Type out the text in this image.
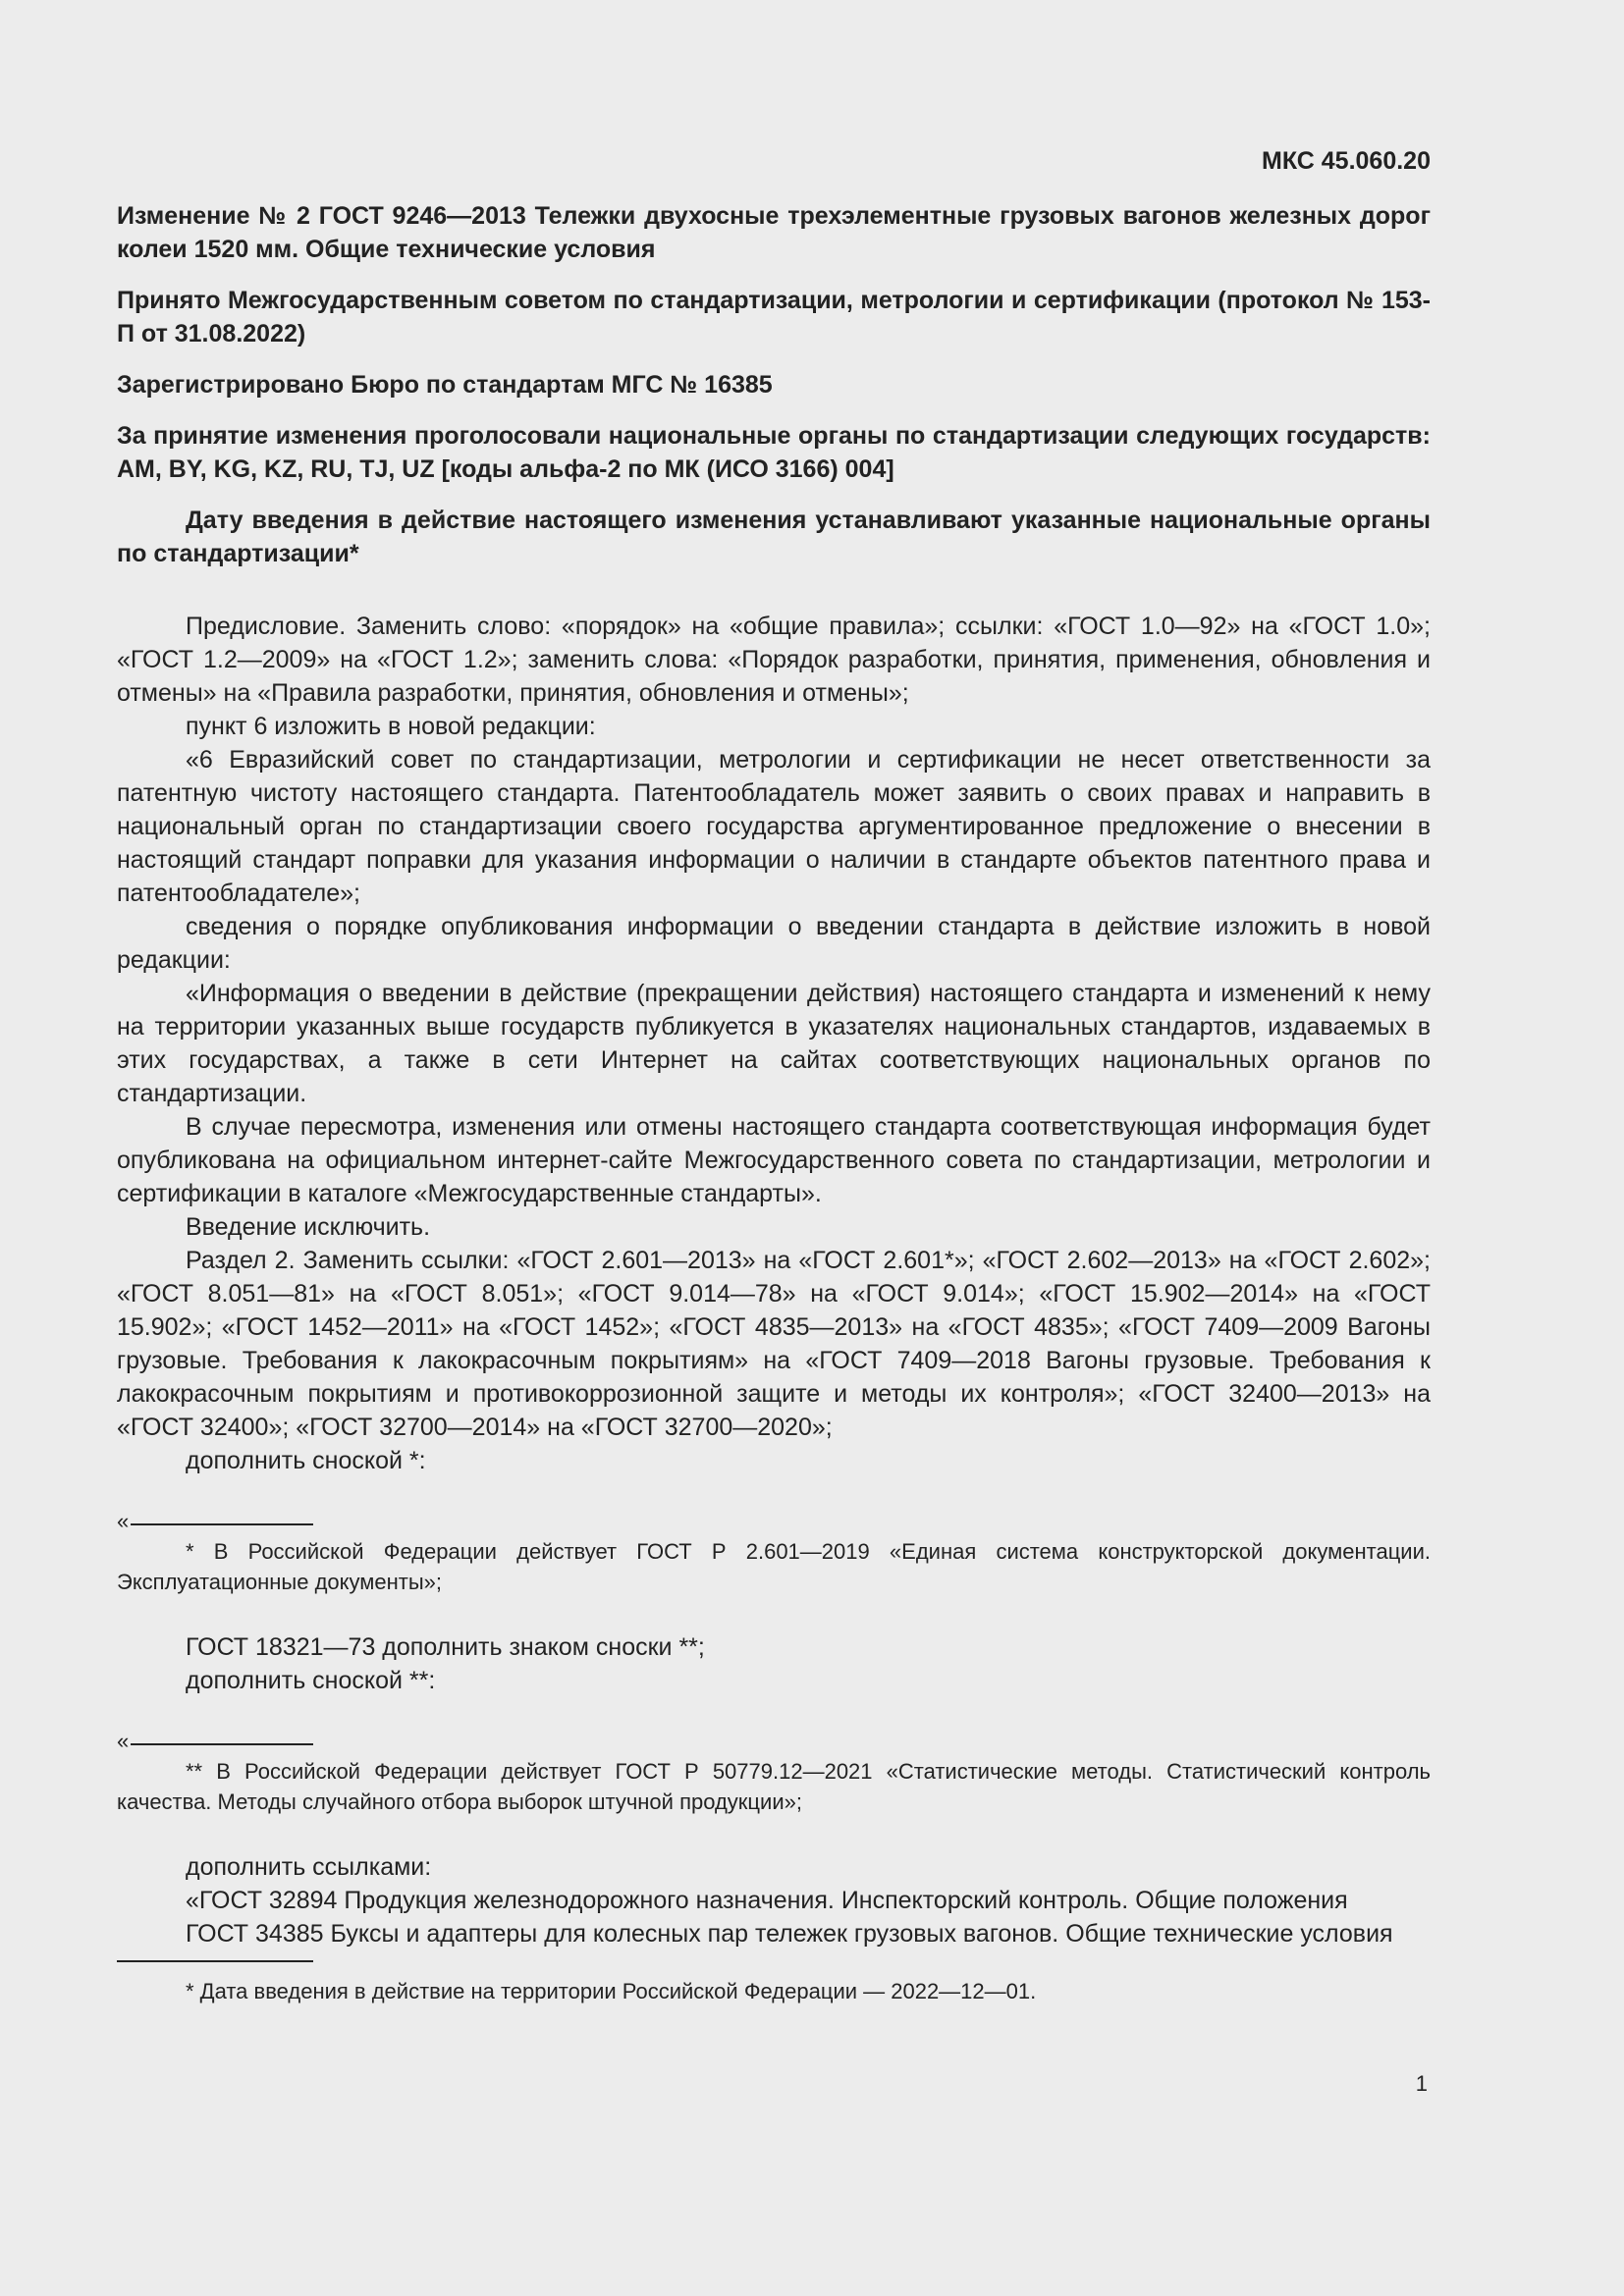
МКС 45.060.20

Изменение № 2 ГОСТ 9246—2013 Тележки двухосные трехэлементные грузовых вагонов железных дорог колеи 1520 мм. Общие технические условия

Принято Межгосударственным советом по стандартизации, метрологии и сертификации (протокол № 153-П от 31.08.2022)

Зарегистрировано Бюро по стандартам МГС № 16385

За принятие изменения проголосовали национальные органы по стандартизации следующих государств: AM, BY, KG, KZ, RU, TJ, UZ [коды альфа-2 по МК (ИСО 3166) 004]

Дату введения в действие настоящего изменения устанавливают указанные национальные органы по стандартизации*

Предисловие. Заменить слово: «порядок» на «общие правила»; ссылки: «ГОСТ 1.0—92» на «ГОСТ 1.0»; «ГОСТ 1.2—2009» на «ГОСТ 1.2»; заменить слова: «Порядок разработки, принятия, применения, обновления и отмены» на «Правила разработки, принятия, обновления и отмены»;

пункт 6 изложить в новой редакции:

«6 Евразийский совет по стандартизации, метрологии и сертификации не несет ответственности за патентную чистоту настоящего стандарта. Патентообладатель может заявить о своих правах и направить в национальный орган по стандартизации своего государства аргументированное предложение о внесении в настоящий стандарт поправки для указания информации о наличии в стандарте объектов патентного права и патентообладателе»;

сведения о порядке опубликования информации о введении стандарта в действие изложить в новой редакции:

«Информация о введении в действие (прекращении действия) настоящего стандарта и изменений к нему на территории указанных выше государств публикуется в указателях национальных стандартов, издаваемых в этих государствах, а также в сети Интернет на сайтах соответствующих национальных органов по стандартизации.

В случае пересмотра, изменения или отмены настоящего стандарта соответствующая информация будет опубликована на официальном интернет-сайте Межгосударственного совета по стандартизации, метрологии и сертификации в каталоге «Межгосударственные стандарты».

Введение исключить.

Раздел 2. Заменить ссылки: «ГОСТ 2.601—2013» на «ГОСТ 2.601*»; «ГОСТ 2.602—2013» на «ГОСТ 2.602»; «ГОСТ 8.051—81» на «ГОСТ 8.051»; «ГОСТ 9.014—78» на «ГОСТ 9.014»; «ГОСТ 15.902—2014» на «ГОСТ 15.902»; «ГОСТ 1452—2011» на «ГОСТ 1452»; «ГОСТ 4835—2013» на «ГОСТ 4835»; «ГОСТ 7409—2009 Вагоны грузовые. Требования к лакокрасочным покрытиям» на «ГОСТ 7409—2018 Вагоны грузовые. Требования к лакокрасочным покрытиям и противокоррозионной защите и методы их контроля»; «ГОСТ 32400—2013» на «ГОСТ 32400»; «ГОСТ 32700—2014» на «ГОСТ 32700—2020»;

дополнить сноской *:

«

* В Российской Федерации действует ГОСТ Р 2.601—2019 «Единая система конструкторской документации. Эксплуатационные документы»;

ГОСТ 18321—73 дополнить знаком сноски **;

дополнить сноской **:

«

** В Российской Федерации действует ГОСТ Р 50779.12—2021 «Статистические методы. Статистический контроль качества. Методы случайного отбора выборок штучной продукции»;

дополнить ссылками:

«ГОСТ 32894 Продукция железнодорожного назначения. Инспекторский контроль. Общие положения

ГОСТ 34385 Буксы и адаптеры для колесных пар тележек грузовых вагонов. Общие технические условия

* Дата введения в действие на территории Российской Федерации — 2022—12—01.

1
